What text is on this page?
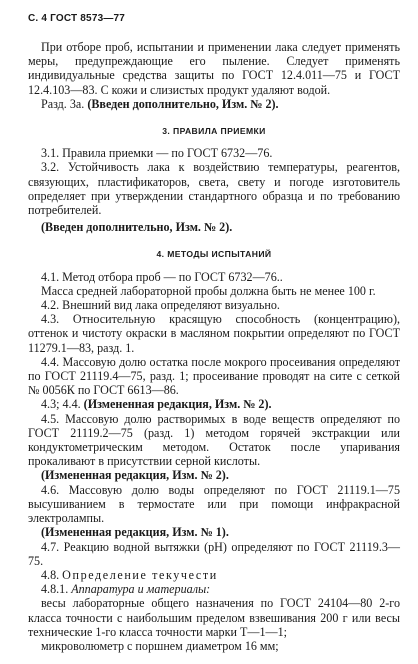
С. 4 ГОСТ 8573—77

При отборе проб, испытании и применении лака следует применять меры, предупреждающие его пыление. Следует применять индивидуальные средства защиты по ГОСТ 12.4.011—75 и ГОСТ 12.4.103—83. С кожи и слизистых продукт удаляют водой.

Разд. 3а. (Введен дополнительно, Изм. № 2).

3. ПРАВИЛА ПРИЕМКИ

3.1. Правила приемки — по ГОСТ 6732—76.

3.2. Устойчивость лака к воздействию температуры, реагентов, связующих, пластификаторов, света, свету и погоде изготовитель определяет при утверждении стандартного образца и по требованию потребителей.

(Введен дополнительно, Изм. № 2).

4. МЕТОДЫ ИСПЫТАНИЙ

4.1. Метод отбора проб — по ГОСТ 6732—76..

Масса средней лабораторной пробы должна быть не менее 100 г.

4.2. Внешний вид лака определяют визуально.

4.3. Относительную красящую способность (концентрацию), оттенок и чистоту окраски в масляном покрытии определяют по ГОСТ 11279.1—83, разд. 1.

4.4. Массовую долю остатка после мокрого просеивания определяют по ГОСТ 21119.4—75, разд. 1; просеивание проводят на сите с сеткой № 0056К по ГОСТ 6613—86.

4.3; 4.4. (Измененная редакция, Изм. № 2).

4.5. Массовую долю растворимых в воде веществ определяют по ГОСТ 21119.2—75 (разд. 1) методом горячей экстракции или кондуктометрическим методом. Остаток после упаривания прокаливают в присутствии серной кислоты.

(Измененная редакция, Изм. № 2).

4.6. Массовую долю воды определяют по ГОСТ 21119.1—75 высушиванием в термостате или при помощи инфракрасной электролампы.

(Измененная редакция, Изм. № 1).

4.7. Реакцию водной вытяжки (рН) определяют по ГОСТ 21119.3—75.

4.8. Определение текучести

4.8.1. Аппаратура и материалы:

весы лабораторные общего назначения по ГОСТ 24104—80 2-го класса точности с наибольшим пределом взвешивания 200 г или весы технические 1-го класса точности марки Т—1—1;

микроволюметр с поршнем диаметром 16 мм;
